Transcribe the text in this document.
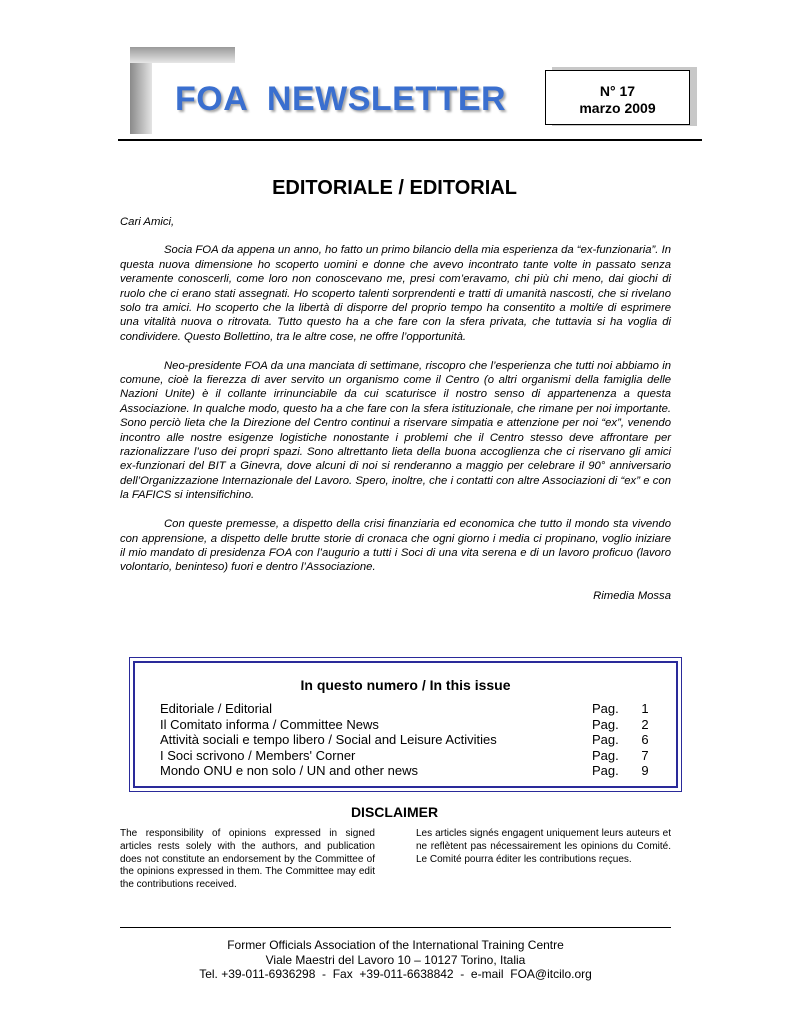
FOA  NEWSLETTER	N° 17
marzo 2009
EDITORIALE / EDITORIAL
Cari Amici,

Socia FOA da appena un anno, ho fatto un primo bilancio della mia esperienza da “ex-funzionaria”. In questa nuova dimensione ho scoperto uomini e donne che avevo incontrato tante volte in passato senza veramente conoscerli, come loro non conoscevano me, presi com’eravamo, chi più chi meno, dai giochi di ruolo che ci erano stati assegnati. Ho scoperto talenti sorprendenti e tratti di umanità nascosti, che si rivelano solo tra amici. Ho scoperto che la libertà di disporre del proprio tempo ha consentito a molti/e di esprimere una vitalità nuova o ritrovata. Tutto questo ha a che fare con la sfera privata, che tuttavia si ha voglia di condividere. Questo Bollettino, tra le altre cose, ne offre l’opportunità.

Neo-presidente FOA da una manciata di settimane, riscopro che l’esperienza che tutti noi abbiamo in comune, cioè la fierezza di aver servito un organismo come il Centro (o altri organismi della famiglia delle Nazioni Unite) è il collante irrinunciabile da cui scaturisce il nostro senso di appartenenza a questa Associazione. In qualche modo, questo ha a che fare con la sfera istituzionale, che rimane per noi importante. Sono perciò lieta che la Direzione del Centro continui a riservare simpatia e attenzione per noi “ex”, venendo incontro alle nostre esigenze logistiche nonostante i problemi che il Centro stesso deve affrontare per razionalizzare l’uso dei propri spazi. Sono altrettanto lieta della buona accoglienza che ci riservano gli amici ex-funzionari del BIT a Ginevra, dove alcuni di noi si renderanno a maggio per celebrare il 90° anniversario dell’Organizzazione Internazionale del Lavoro. Spero, inoltre, che i contatti con altre Associazioni di “ex” e con la FAFICS si intensifichino.

Con queste premesse, a dispetto della crisi finanziaria ed economica che tutto il mondo sta vivendo con apprensione, a dispetto delle brutte storie di cronaca che ogni giorno i media ci propinano, voglio iniziare il mio mandato di presidenza FOA con l’augurio a tutti i Soci di una vita serena e di un lavoro proficuo (lavoro volontario, beninteso) fuori e dentro l’Associazione.

Rimedia Mossa
In questo numero / In this issue
Editoriale / Editorial	Pag.	1
Il Comitato informa / Committee News	Pag.	2
Attività sociali e tempo libero / Social and Leisure Activities	Pag.	6
I Soci scrivono / Members' Corner	Pag.	7
Mondo ONU e non solo / UN and other news	Pag.	9
DISCLAIMER
The responsibility of opinions expressed in signed articles rests solely with the authors, and publication does not constitute an endorsement by the Committee of the opinions expressed in them. The Committee may edit the contributions received.
Les articles signés engagent uniquement leurs auteurs et ne reflètent pas nécessairement les opinions du Comité. Le Comité pourra éditer les contributions reçues.
Former Officials Association of the International Training Centre
Viale Maestri del Lavoro 10 – 10127 Torino, Italia
Tel. +39-011-6936298  -  Fax  +39-011-6638842  -  e-mail  FOA@itcilo.org
